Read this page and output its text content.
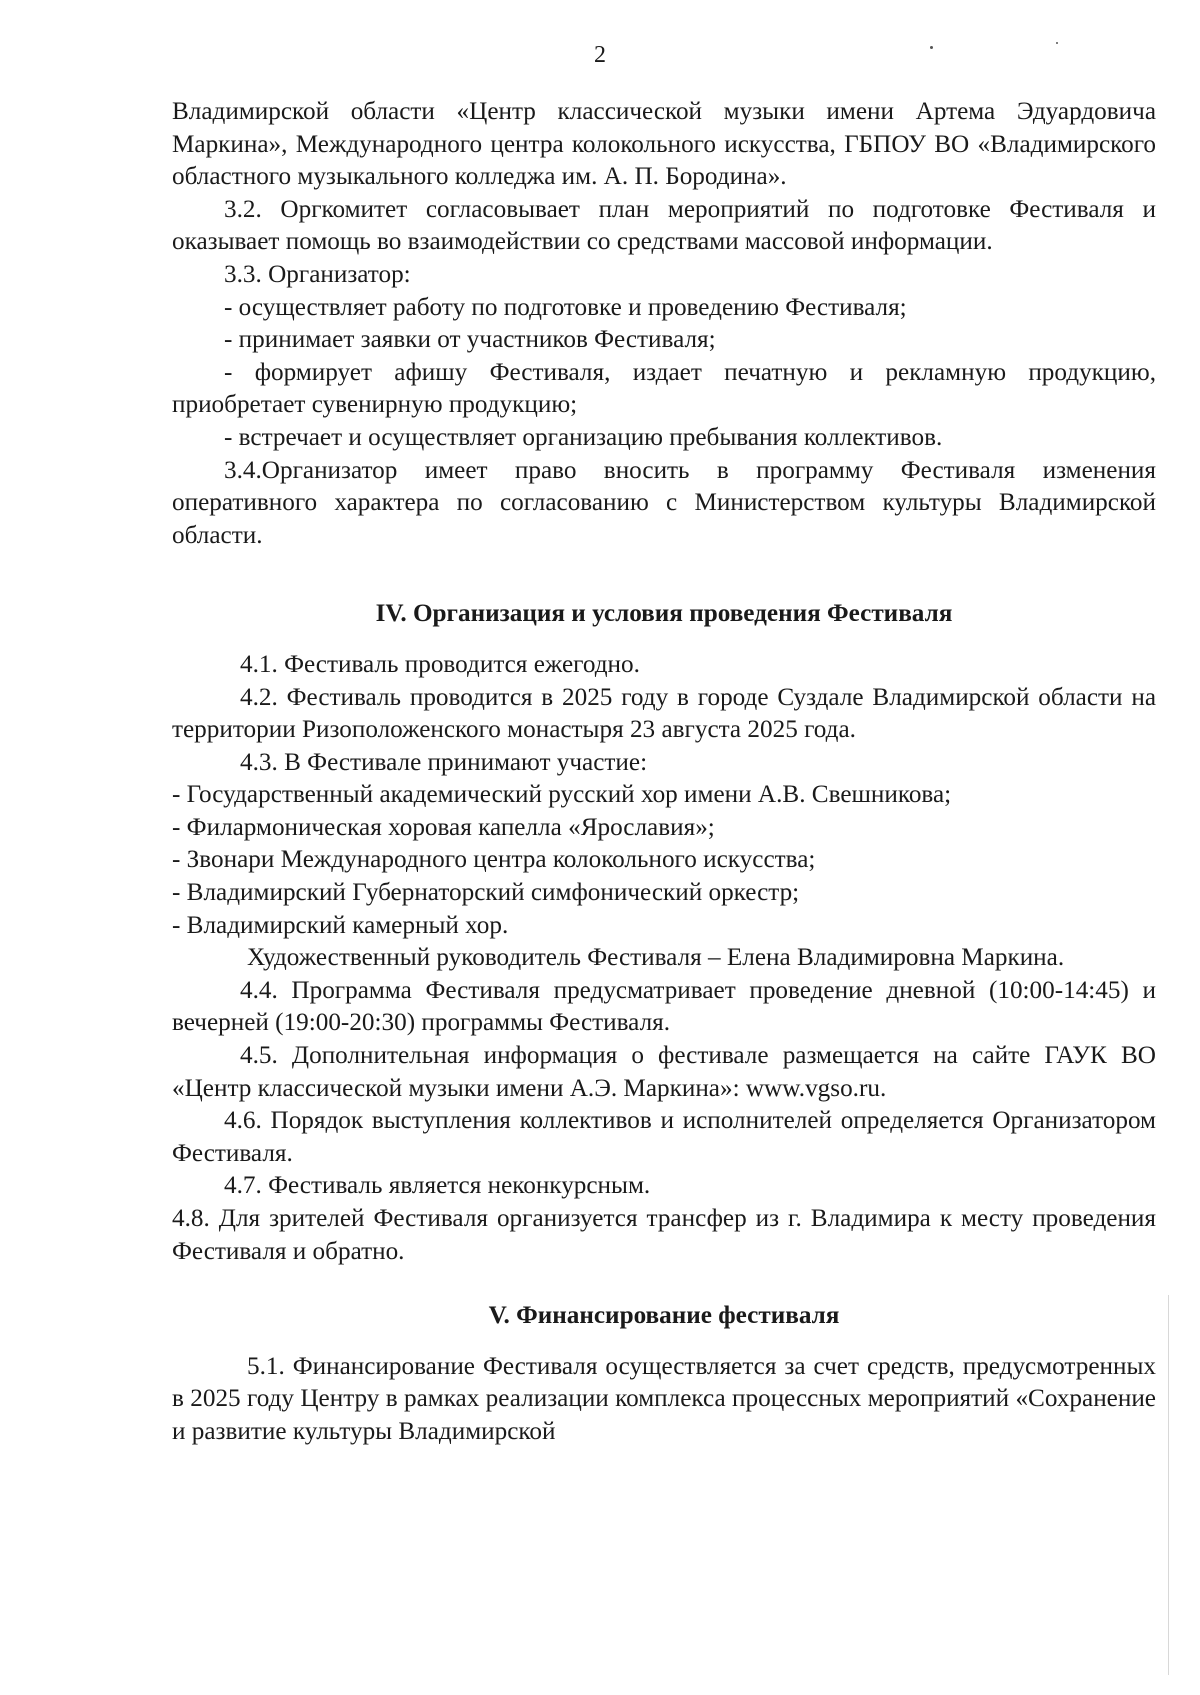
2

Владимирской области «Центр классической музыки имени Артема Эдуардовича Маркина», Международного центра колокольного искусства, ГБПОУ ВО «Владимирского областного музыкального колледжа им. А. П. Бородина».

3.2. Оргкомитет согласовывает план мероприятий по подготовке Фестиваля и оказывает помощь во взаимодействии со средствами массовой информации.

3.3. Организатор:

- осуществляет работу по подготовке и проведению Фестиваля;

- принимает заявки от участников Фестиваля;

- формирует афишу Фестиваля, издает печатную и рекламную продукцию, приобретает сувенирную продукцию;

- встречает и осуществляет организацию пребывания коллективов.

3.4.Организатор имеет право вносить в программу Фестиваля изменения оперативного характера по согласованию с Министерством культуры Владимирской области.

IV. Организация и условия проведения Фестиваля

4.1. Фестиваль проводится ежегодно.

4.2. Фестиваль проводится в 2025 году в городе Суздале Владимирской области на территории Ризоположенского монастыря 23 августа 2025 года.

4.3. В Фестивале принимают участие:

- Государственный академический русский хор имени А.В. Свешникова;

- Филармоническая хоровая капелла «Ярославия»;

- Звонари Международного центра колокольного искусства;

- Владимирский Губернаторский симфонический оркестр;

- Владимирский камерный хор.

Художественный руководитель Фестиваля – Елена Владимировна Маркина.

4.4. Программа Фестиваля предусматривает проведение дневной (10:00-14:45) и вечерней (19:00-20:30) программы Фестиваля.

4.5. Дополнительная информация о фестивале размещается на сайте ГАУК ВО «Центр классической музыки имени А.Э. Маркина»: www.vgso.ru.

4.6. Порядок выступления коллективов и исполнителей определяется Организатором Фестиваля.

4.7. Фестиваль является неконкурсным.

4.8. Для зрителей Фестиваля организуется трансфер из г. Владимира к месту проведения Фестиваля и обратно.

V. Финансирование фестиваля

5.1. Финансирование Фестиваля осуществляется за счет средств, предусмотренных в 2025 году Центру в рамках реализации комплекса процессных мероприятий «Сохранение и развитие культуры Владимирской
